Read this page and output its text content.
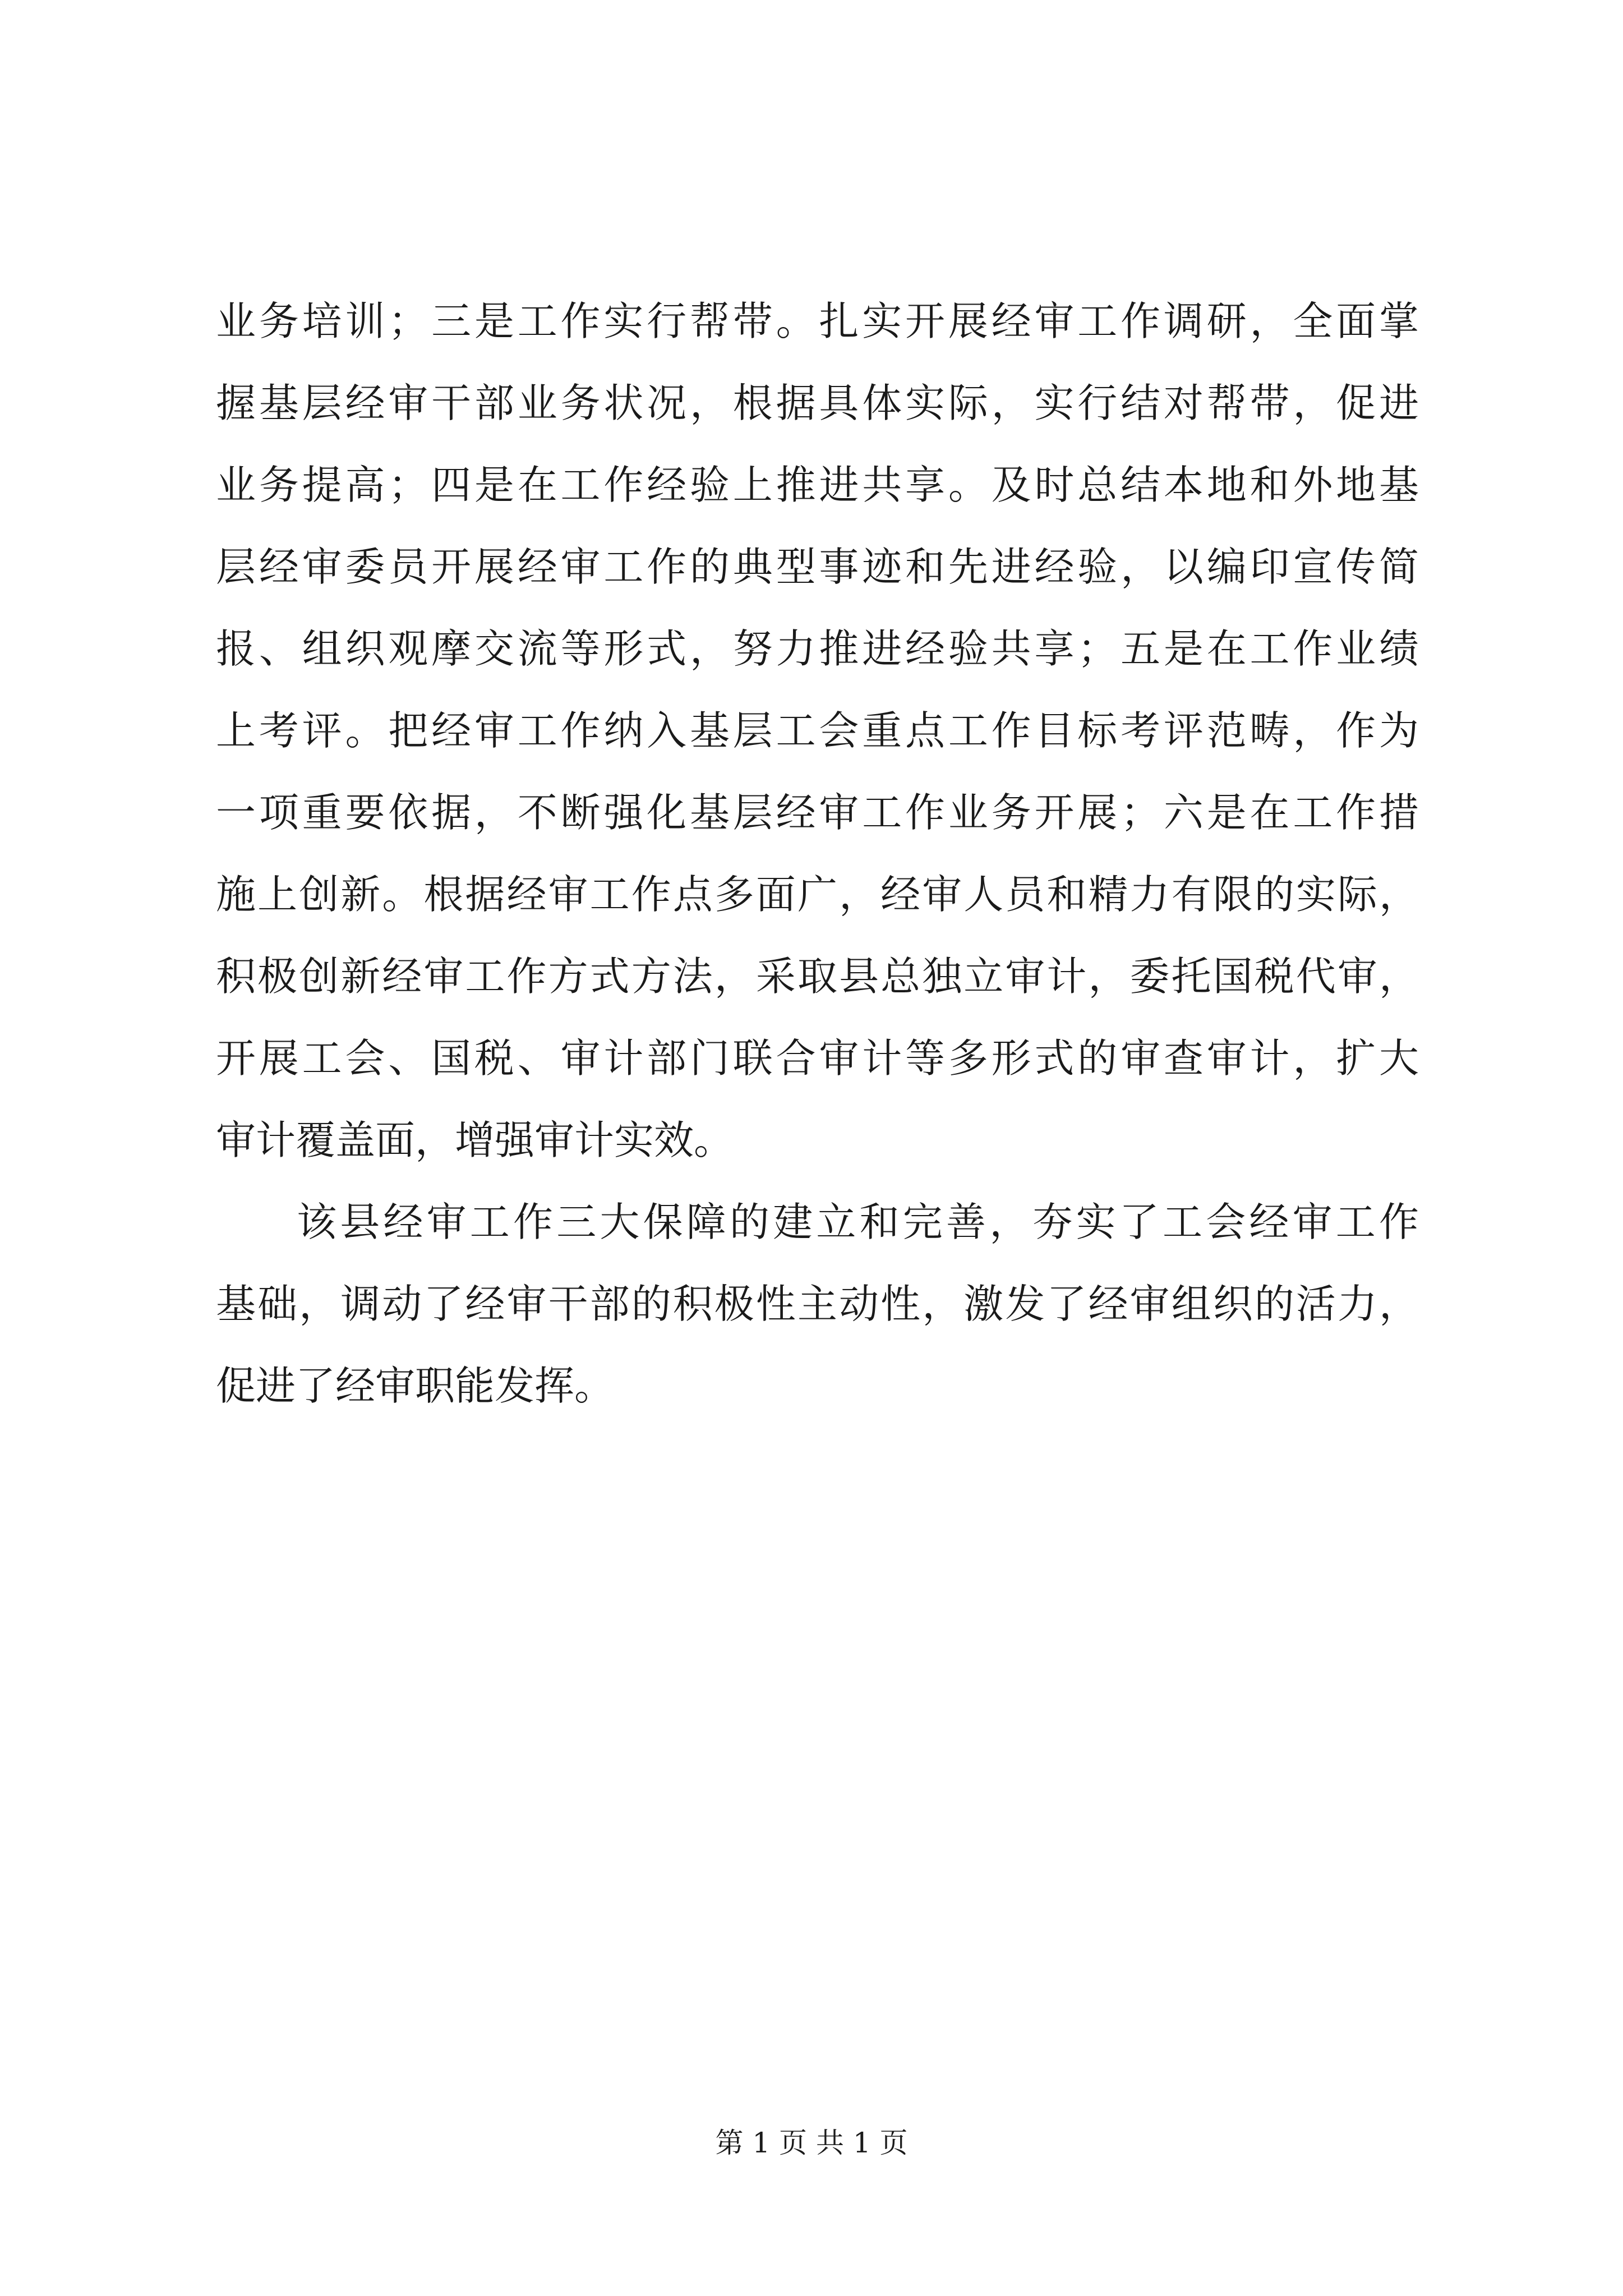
业务培训；三是工作实行帮带。扎实开展经审工作调研，全面掌
握基层经审干部业务状况，根据具体实际，实行结对帮带，促进
业务提高；四是在工作经验上推进共享。及时总结本地和外地基
层经审委员开展经审工作的典型事迹和先进经验，以编印宣传简
报、组织观摩交流等形式，努力推进经验共享；五是在工作业绩
上考评。把经审工作纳入基层工会重点工作目标考评范畴，作为
一项重要依据，不断强化基层经审工作业务开展；六是在工作措
施上创新。根据经审工作点多面广，经审人员和精力有限的实际，
积极创新经审工作方式方法，采取县总独立审计，委托国税代审，
开展工会、国税、审计部门联合审计等多形式的审查审计，扩大
审计覆盖面，增强审计实效。
该县经审工作三大保障的建立和完善，夯实了工会经审工作
基础，调动了经审干部的积极性主动性，激发了经审组织的活力，
促进了经审职能发挥。
第 1 页 共 1 页
